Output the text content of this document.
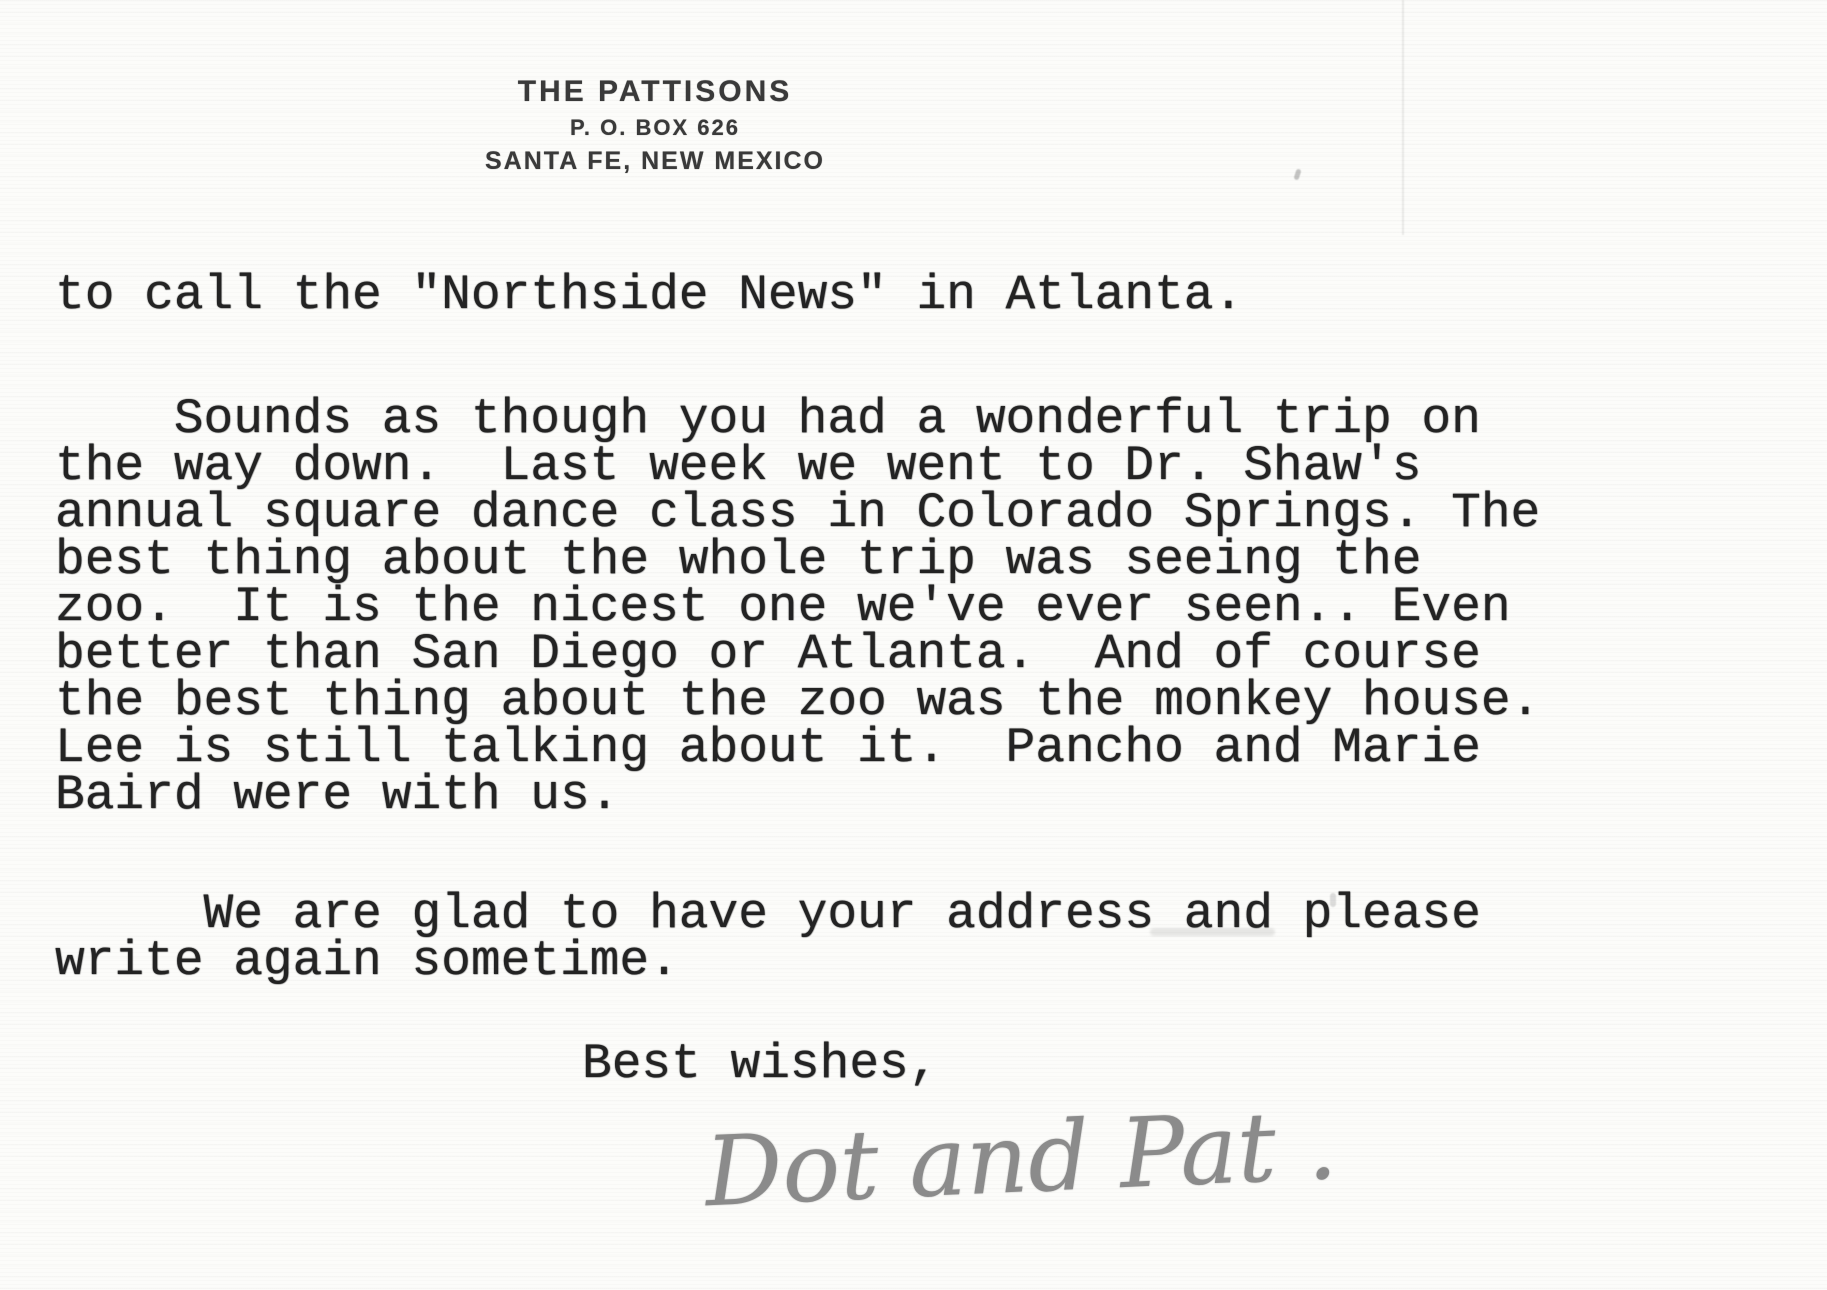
THE PATTISONS
P. O. BOX 626
SANTA FE, NEW MEXICO
to call the "Northside News" in Atlanta.
Sounds as though you had a wonderful trip on
the way down.  Last week we went to Dr. Shaw's
annual square dance class in Colorado Springs. The
best thing about the whole trip was seeing the
zoo.  It is the nicest one we've ever seen.. Even
better than San Diego or Atlanta.  And of course
the best thing about the zoo was the monkey house.
Lee is still talking about it.  Pancho and Marie
Baird were with us.
We are glad to have your address and please
write again sometime.
Best wishes,
Dot and Pat .
